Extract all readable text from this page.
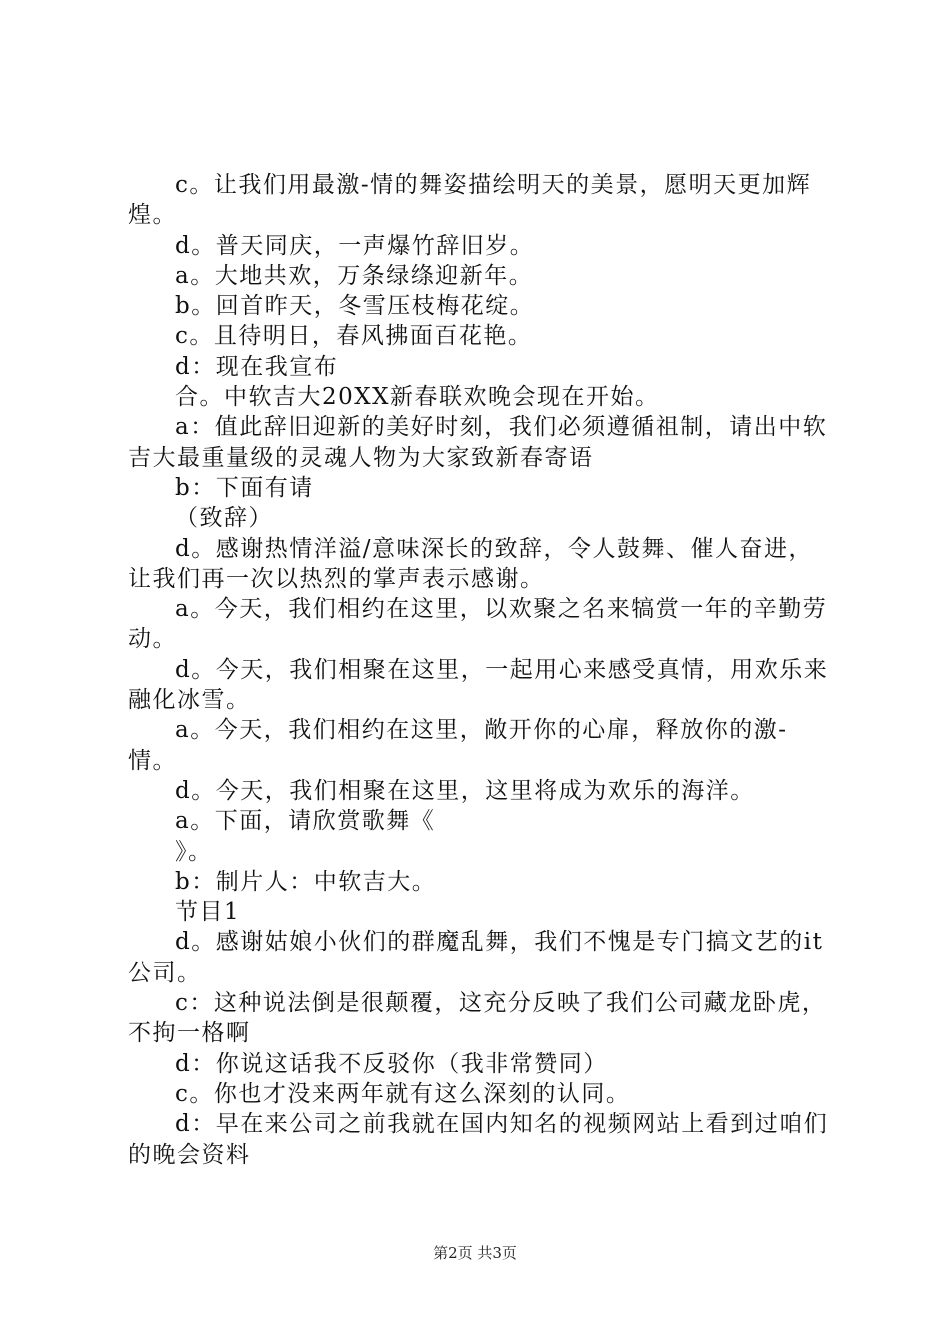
c。让我们用最激-情的舞姿描绘明天的美景，愿明天更加辉煌。

d。普天同庆，一声爆竹辞旧岁。

a。大地共欢，万条绿绦迎新年。

b。回首昨天，冬雪压枝梅花绽。

c。且待明日，春风拂面百花艳。

d：现在我宣布

合。中软吉大20XX新春联欢晚会现在开始。

a：值此辞旧迎新的美好时刻，我们必须遵循祖制，请出中软吉大最重量级的灵魂人物为大家致新春寄语

b：下面有请

（致辞）

d。感谢热情洋溢/意味深长的致辞，令人鼓舞、催人奋进，让我们再一次以热烈的掌声表示感谢。

a。今天，我们相约在这里，以欢聚之名来犒赏一年的辛勤劳动。

d。今天，我们相聚在这里，一起用心来感受真情，用欢乐来融化冰雪。

a。今天，我们相约在这里，敞开你的心扉，释放你的激-情。

d。今天，我们相聚在这里，这里将成为欢乐的海洋。

a。下面，请欣赏歌舞《

》。

b：制片人：中软吉大。

节目1

d。感谢姑娘小伙们的群魔乱舞，我们不愧是专门搞文艺的it公司。

c：这种说法倒是很颠覆，这充分反映了我们公司藏龙卧虎，不拘一格啊

d：你说这话我不反驳你（我非常赞同）

c。你也才没来两年就有这么深刻的认同。

d：早在来公司之前我就在国内知名的视频网站上看到过咱们的晚会资料

第2页 共3页
